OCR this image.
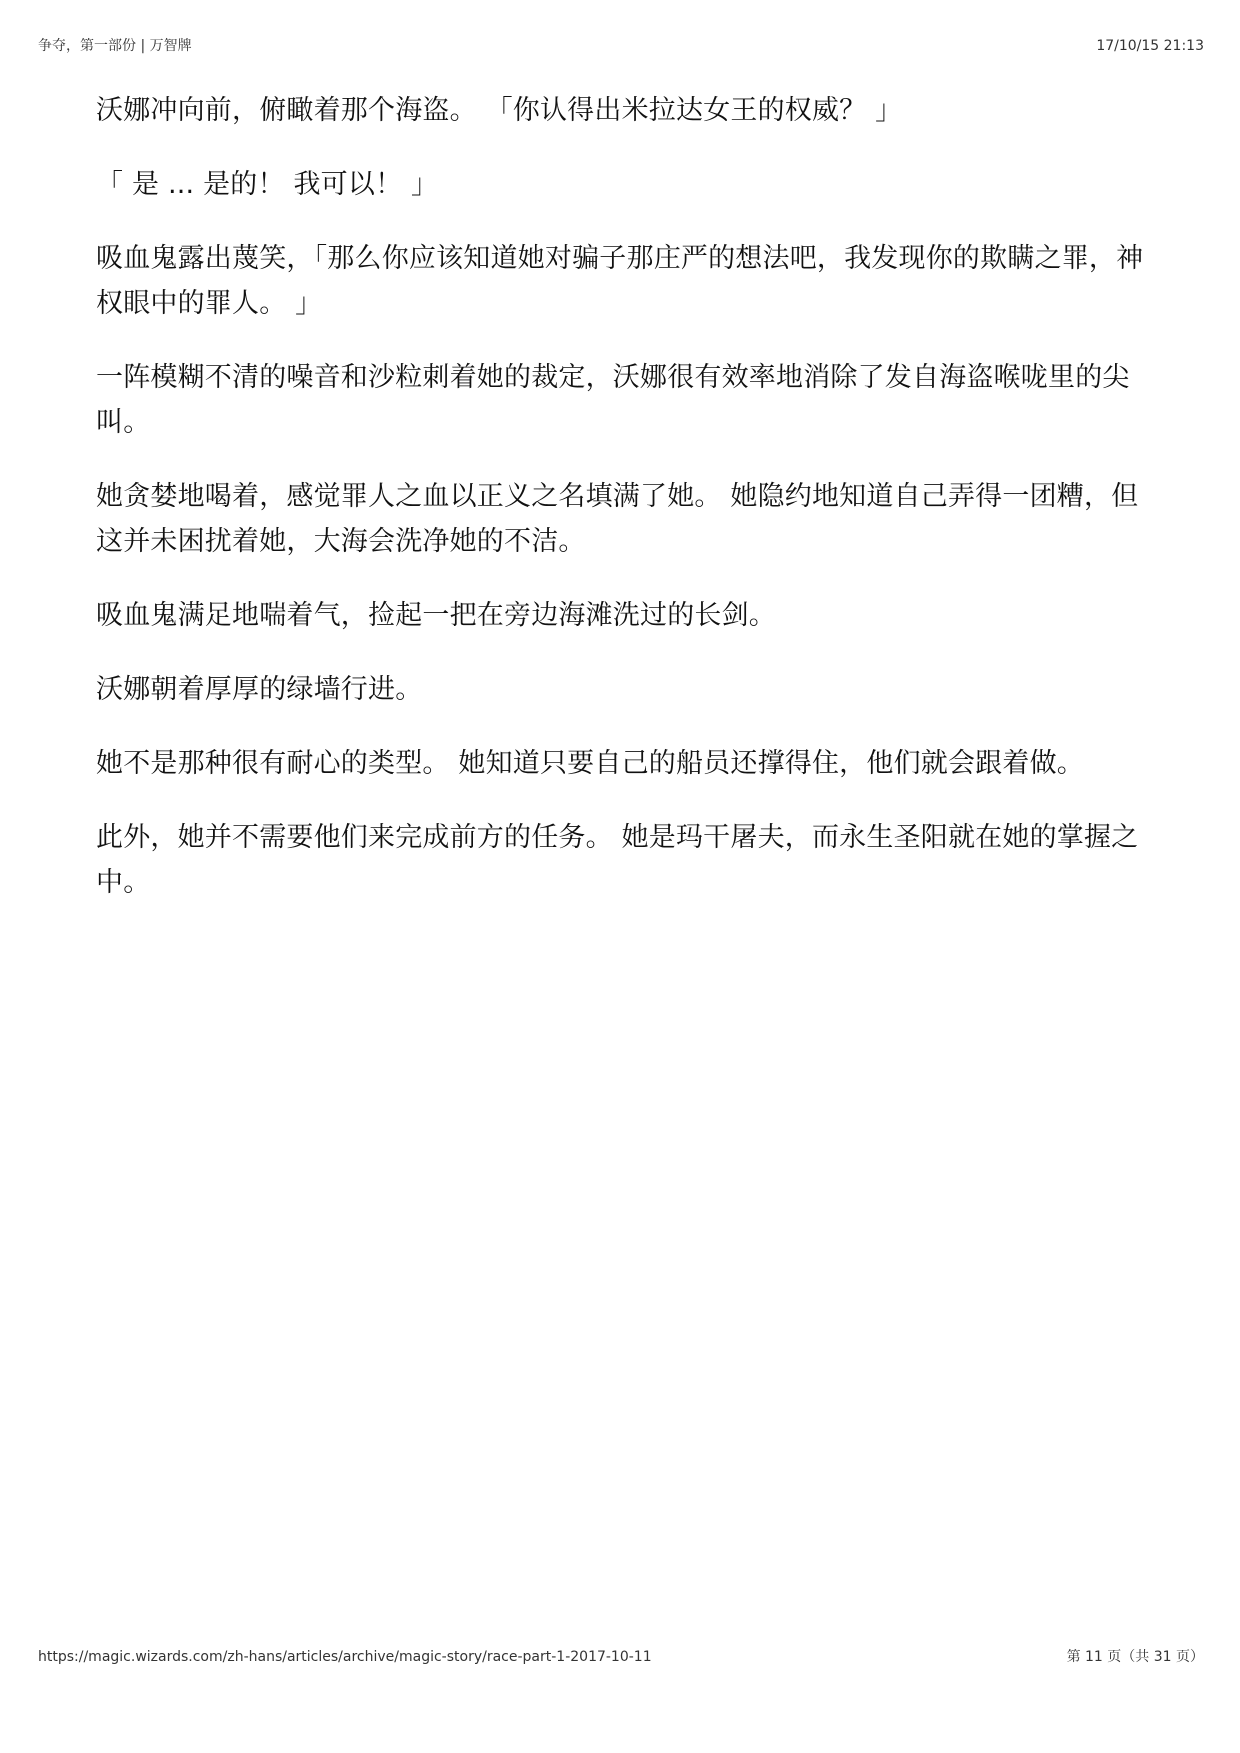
争夺，第一部份 | 万智牌	17/10/15 21:13

沃娜冲向前，俯瞰着那个海盗。 「你认得出米拉达女王的权威？ 」

「 是 ... 是的！ 我可以！ 」

吸血鬼露出蔑笑，「那么你应该知道她对骗子那庄严的想法吧，我发现你的欺瞒之罪，神权眼中的罪人。 」

一阵模糊不清的噪音和沙粒刺着她的裁定，沃娜很有效率地消除了发自海盗喉咙里的尖叫。

她贪婪地喝着，感觉罪人之血以正义之名填满了她。 她隐约地知道自己弄得一团糟，但这并未困扰着她，大海会洗净她的不洁。

吸血鬼满足地喘着气，捡起一把在旁边海滩洗过的长剑。

沃娜朝着厚厚的绿墙行进。

她不是那种很有耐心的类型。 她知道只要自己的船员还撑得住，他们就会跟着做。

此外，她并不需要他们来完成前方的任务。 她是玛干屠夫，而永生圣阳就在她的掌握之中。

https://magic.wizards.com/zh-hans/articles/archive/magic-story/race-part-1-2017-10-11	第 11 页（共 31 页）
